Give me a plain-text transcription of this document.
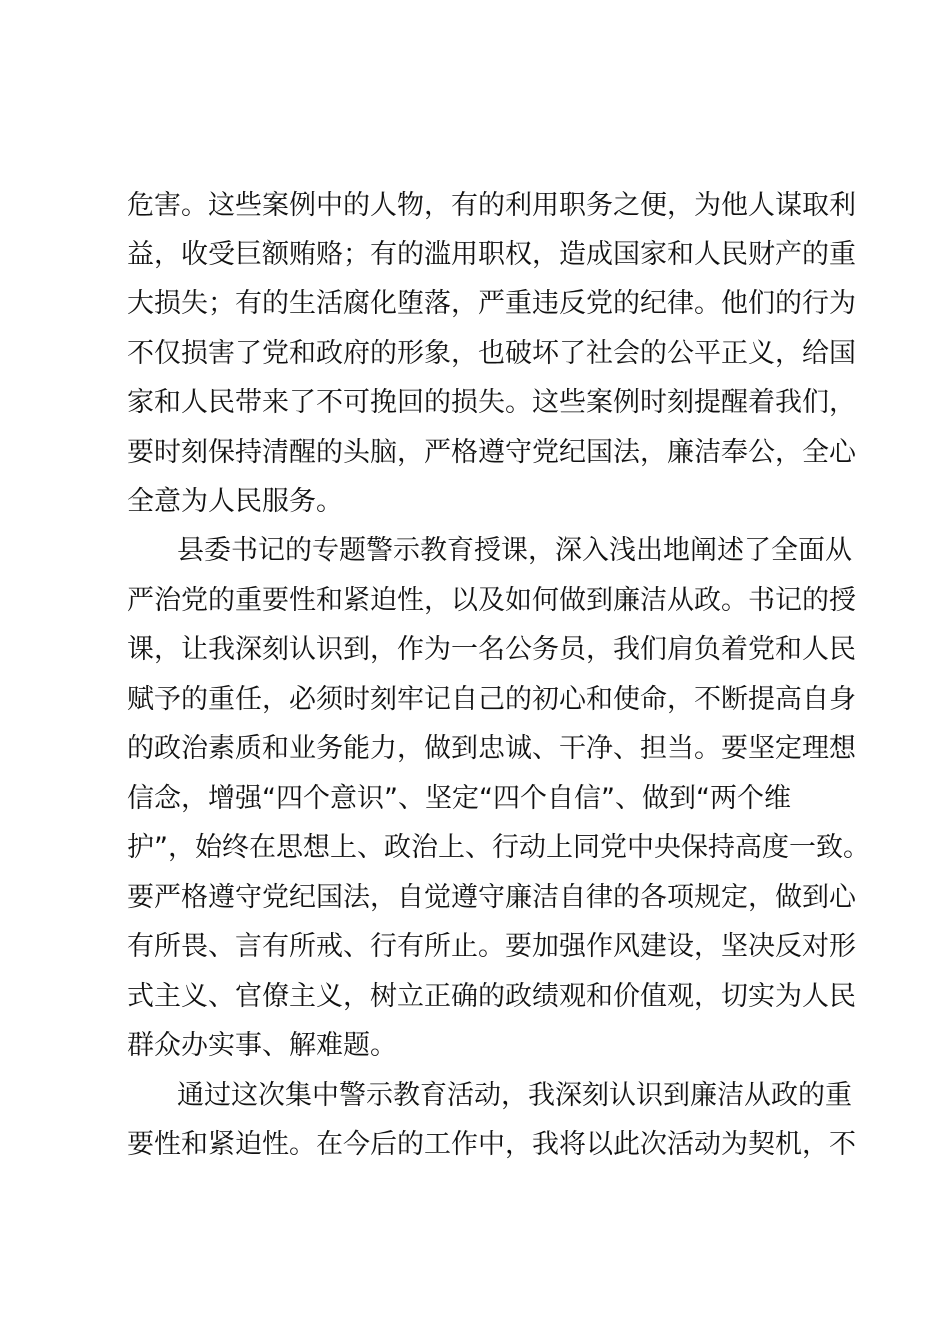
危害。这些案例中的人物，有的利用职务之便，为他人谋取利
益，收受巨额贿赂；有的滥用职权，造成国家和人民财产的重
大损失；有的生活腐化堕落，严重违反党的纪律。他们的行为
不仅损害了党和政府的形象，也破坏了社会的公平正义，给国
家和人民带来了不可挽回的损失。这些案例时刻提醒着我们，
要时刻保持清醒的头脑，严格遵守党纪国法，廉洁奉公，全心
全意为人民服务。
县委书记的专题警示教育授课，深入浅出地阐述了全面从
严治党的重要性和紧迫性，以及如何做到廉洁从政。书记的授
课，让我深刻认识到，作为一名公务员，我们肩负着党和人民
赋予的重任，必须时刻牢记自己的初心和使命，不断提高自身
的政治素质和业务能力，做到忠诚、干净、担当。要坚定理想
信念，增强“四个意识”、坚定“四个自信”、做到“两个维
护”，始终在思想上、政治上、行动上同党中央保持高度一致。
要严格遵守党纪国法，自觉遵守廉洁自律的各项规定，做到心
有所畏、言有所戒、行有所止。要加强作风建设，坚决反对形
式主义、官僚主义，树立正确的政绩观和价值观，切实为人民
群众办实事、解难题。
通过这次集中警示教育活动，我深刻认识到廉洁从政的重
要性和紧迫性。在今后的工作中，我将以此次活动为契机，不
